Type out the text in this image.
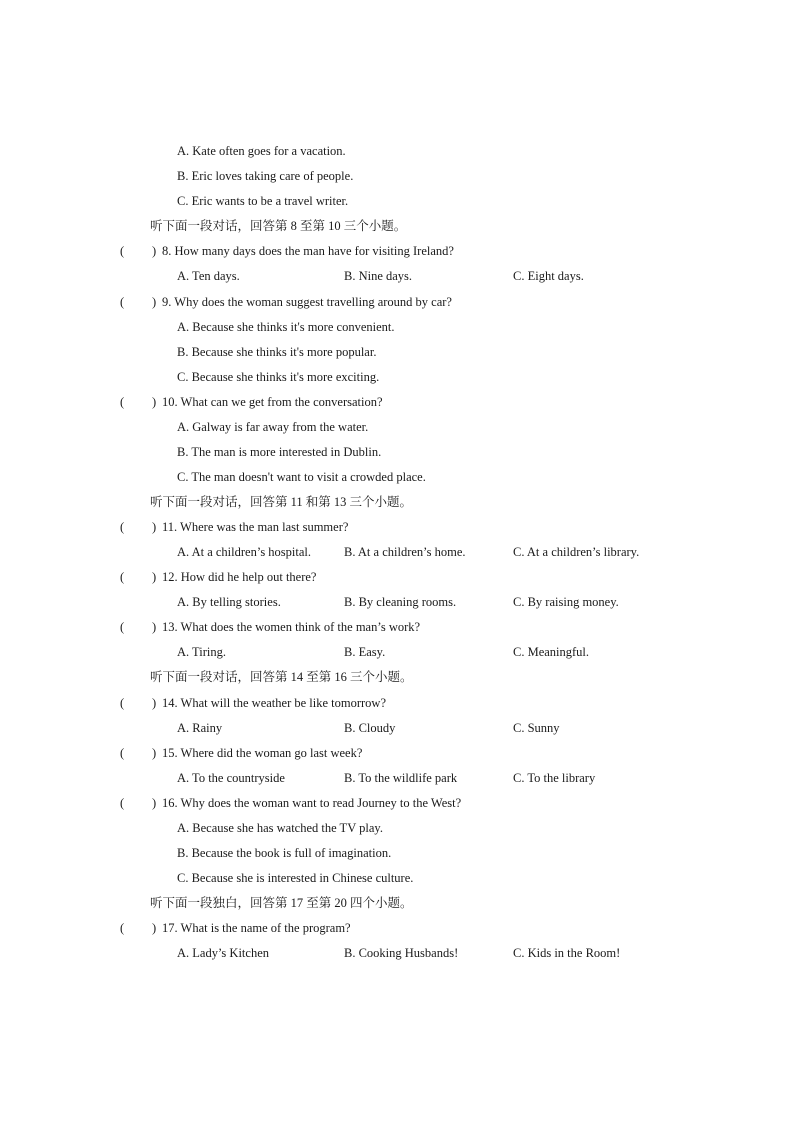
A. Kate often goes for a vacation.
B. Eric loves taking care of people.
C. Eric wants to be a travel writer.
听下面一段对话，回答第 8 至第 10 三个小题。
( ) 8. How many days does the man have for visiting Ireland?
A. Ten days.	B. Nine days.	C. Eight days.
( ) 9. Why does the woman suggest travelling around by car?
A. Because she thinks it's more convenient.
B. Because she thinks it's more popular.
C. Because she thinks it's more exciting.
( ) 10. What can we get from the conversation?
A. Galway is far away from the water.
B. The man is more interested in Dublin.
C. The man doesn't want to visit a crowded place.
听下面一段对话，回答第 11 和第 13 三个小题。
( ) 11. Where was the man last summer?
A. At a children’s hospital.	B. At a children’s home.	C. At a children’s library.
( ) 12. How did he help out there?
A. By telling stories.	B. By cleaning rooms.	C. By raising money.
( ) 13. What does the women think of the man’s work?
A. Tiring.	B. Easy.	C. Meaningful.
听下面一段对话，回答第 14 至第 16 三个小题。
( ) 14. What will the weather be like tomorrow?
A. Rainy	B. Cloudy	C. Sunny
( ) 15. Where did the woman go last week?
A. To the countryside	B. To the wildlife park	C. To the library
( ) 16. Why does the woman want to read Journey to the West?
A. Because she has watched the TV play.
B. Because the book is full of imagination.
C. Because she is interested in Chinese culture.
听下面一段独白，回答第 17 至第 20 四个小题。
( ) 17. What is the name of the program?
A. Lady’s Kitchen	B. Cooking Husbands!	C. Kids in the Room!
